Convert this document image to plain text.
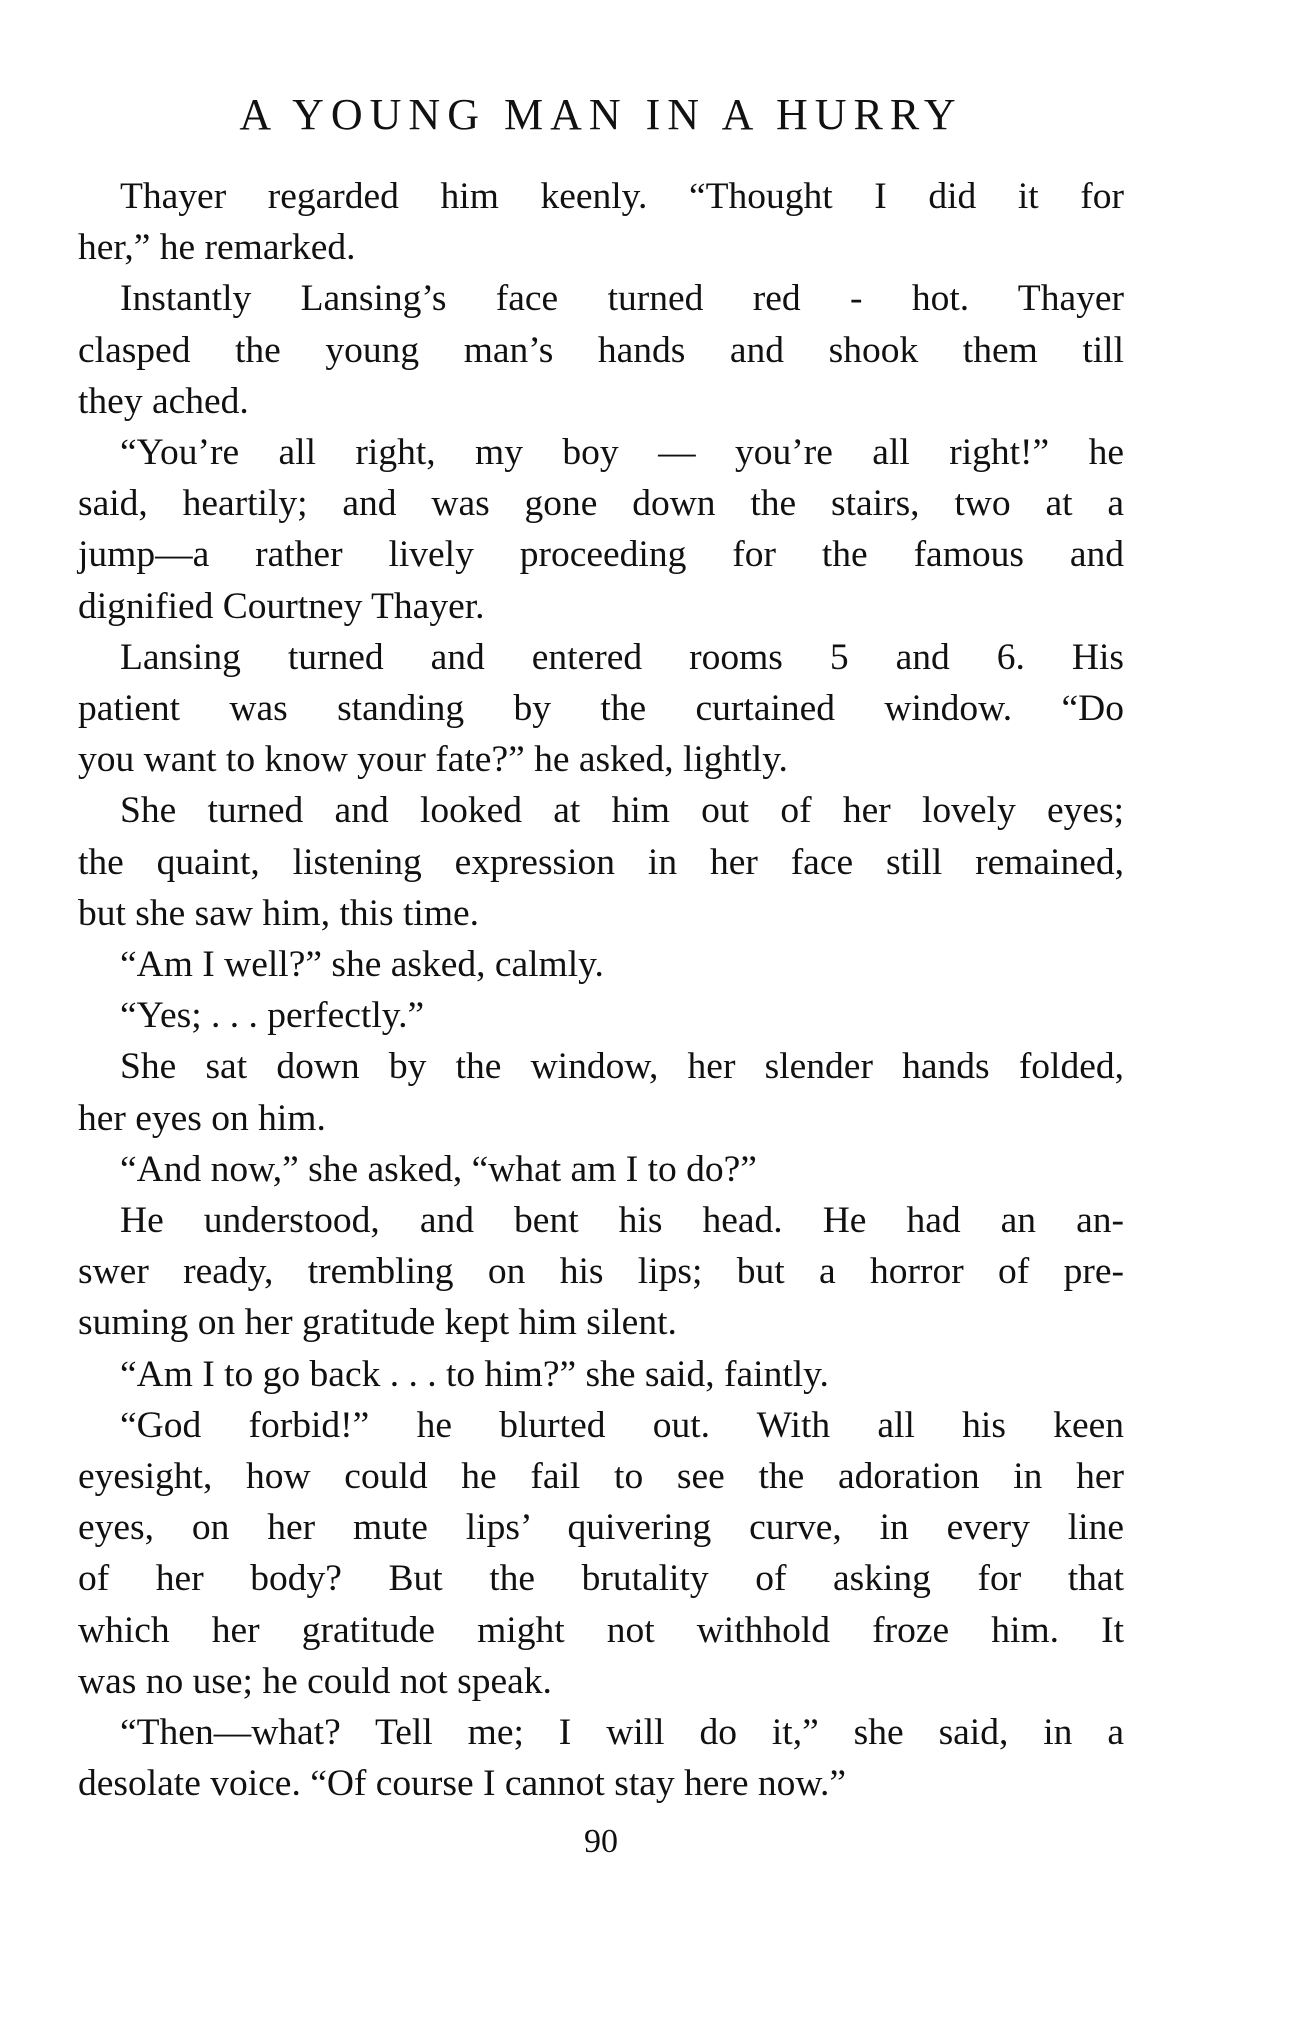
A YOUNG MAN IN A HURRY
Thayer regarded him keenly. “Thought I did it for
her,” he remarked.
Instantly Lansing’s face turned red - hot. Thayer
clasped the young man’s hands and shook them till
they ached.
“You’re all right, my boy — you’re all right!” he
said, heartily; and was gone down the stairs, two at a
jump—a rather lively proceeding for the famous and
dignified Courtney Thayer.
Lansing turned and entered rooms 5 and 6. His
patient was standing by the curtained window. “Do
you want to know your fate?” he asked, lightly.
She turned and looked at him out of her lovely eyes;
the quaint, listening expression in her face still remained,
but she saw him, this time.
“Am I well?” she asked, calmly.
“Yes; . . . perfectly.”
She sat down by the window, her slender hands folded,
her eyes on him.
“And now,” she asked, “what am I to do?”
He understood, and bent his head. He had an an-
swer ready, trembling on his lips; but a horror of pre-
suming on her gratitude kept him silent.
“Am I to go back . . . to him?” she said, faintly.
“God forbid!” he blurted out. With all his keen
eyesight, how could he fail to see the adoration in her
eyes, on her mute lips’ quivering curve, in every line
of her body? But the brutality of asking for that
which her gratitude might not withhold froze him. It
was no use; he could not speak.
“Then—what? Tell me; I will do it,” she said, in a
desolate voice. “Of course I cannot stay here now.”
90
